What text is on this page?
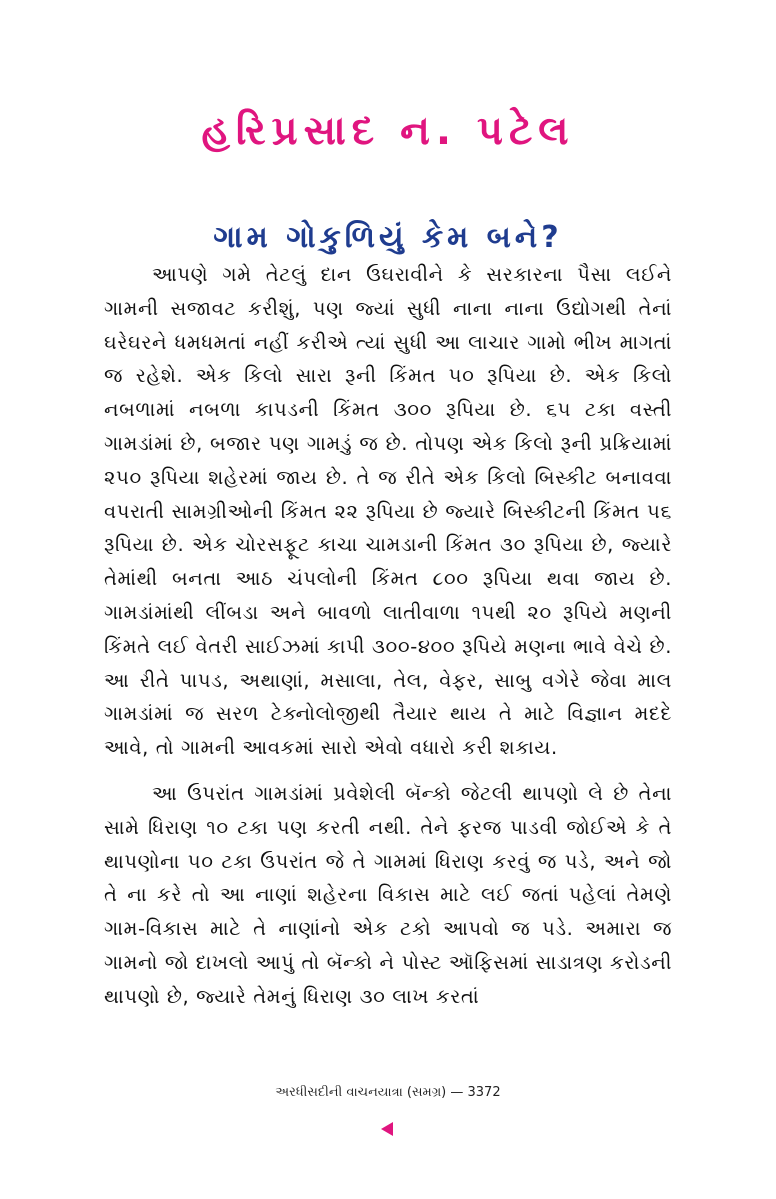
હરિપ્રસાદ ન. પટેલ
ગામ ગોકુળિયું કેમ બને?

આપણે ગમે તેટલું દાન ઉઘરાવીને કે સરકારના પૈસા લઈને ગામની સજાવટ કરીશું, પણ જ્યાં સુધી નાના નાના ઉદ્યોગથી તેનાં ઘરેઘરને ધમધમતાં નહીં કરીએ ત્યાં સુધી આ લાચાર ગામો ભીખ માગતાં જ રહેશે. એક કિલો સારા રૂની કિંમત ૫૦ રૂપિયા છે. એક કિલો નબળામાં નબળા કાપડની કિંમત ૩૦૦ રૂપિયા છે. ૬૫ ટકા વસ્તી ગામડાંમાં છે, બજાર પણ ગામડું જ છે. તોપણ એક કિલો રૂની પ્રક્રિયામાં ૨૫૦ રૂપિયા શહેરમાં જાય છે. તે જ રીતે એક કિલો બિસ્કીટ બનાવવા વપરાતી સામગ્રીઓની કિંમત ૨૨ રૂપિયા છે જ્યારે બિસ્કીટની કિંમત ૫૬ રૂપિયા છે. એક ચોરસફૂટ કાચા ચામડાની કિંમત ૩૦ રૂપિયા છે, જ્યારે તેમાંથી બનતા આઠ ચંપલોની કિંમત ૮૦૦ રૂપિયા થવા જાય છે. ગામડાંમાંથી લીંબડા અને બાવળો લાતીવાળા ૧૫થી ૨૦ રૂપિયે મણની કિંમતે લઈ વેતરી સાઈઝમાં કાપી ૩૦૦-૪૦૦ રૂપિયે મણના ભાવે વેચે છે. આ રીતે પાપડ, અથાણાં, મસાલા, તેલ, વેફર, સાબુ વગેરે જેવા માલ ગામડાંમાં જ સરળ ટેક્નોલોજીથી તૈયાર થાય તે માટે વિજ્ઞાન મદદે આવે, તો ગામની આવકમાં સારો એવો વધારો કરી શકાય.

આ ઉપરાંત ગામડાંમાં પ્રવેશેલી બૅન્કો જેટલી થાપણો લે છે તેના સામે ધિરાણ ૧૦ ટકા પણ કરતી નથી. તેને ફરજ પાડવી જોઈએ કે તે થાપણોના ૫૦ ટકા ઉપરાંત જે તે ગામમાં ધિરાણ કરવું જ પડે, અને જો તે ના કરે તો આ નાણાં શહેરના વિકાસ માટે લઈ જતાં પહેલાં તેમણે ગામ-વિકાસ માટે તે નાણાંનો એક ટકો આપવો જ પડે. અમારા જ ગામનો જો દાખલો આપું તો બૅન્કો ને પોસ્ટ ઑફિસમાં સાડાત્રણ કરોડની થાપણો છે, જ્યારે તેમનું ધિરાણ ૩૦ લાખ કરતાં

અરધીસદીની વાચનયાત્રા (સમગ્ર) — 3372
